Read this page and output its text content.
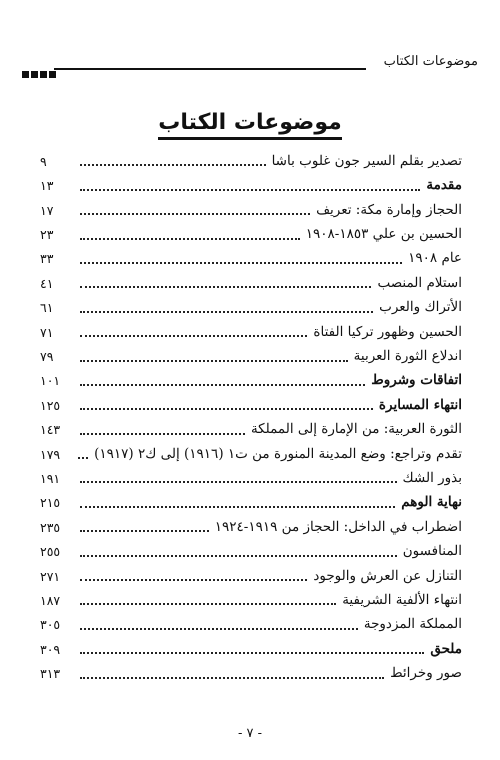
موضوعات الكتاب
موضوعات الكتاب
تصدير بقلم السير جون غلوب باشا
٩
مقدمة
١٣
الحجاز وإمارة مكة: تعريف
١٧
الحسين بن علي ١٨٥٣-١٩٠٨
٢٣
عام ١٩٠٨
٣٣
استلام المنصب
٤١
الأتراك والعرب
٦١
الحسين وظهور تركيا الفتاة
٧١
اندلاع الثورة العربية
٧٩
اتفاقات وشروط
١٠١
انتهاء المسايرة
١٢٥
الثورة العربية: من الإمارة إلى المملكة
١٤٣
تقدم وتراجع: وضع المدينة المنورة من ت١ (١٩١٦) إلى ك٢ (١٩١٧)
١٧٩
بذور الشك
١٩١
نهاية الوهم
٢١٥
اضطراب في الداخل: الحجاز من ١٩١٩-١٩٢٤
٢٣٥
المنافسون
٢٥٥
التنازل عن العرش والوجود
٢٧١
انتهاء الألفية الشريفية
١٨٧
المملكة المزدوجة
٣٠٥
ملحق
٣٠٩
صور وخرائط
٣١٣
- ٧ -
